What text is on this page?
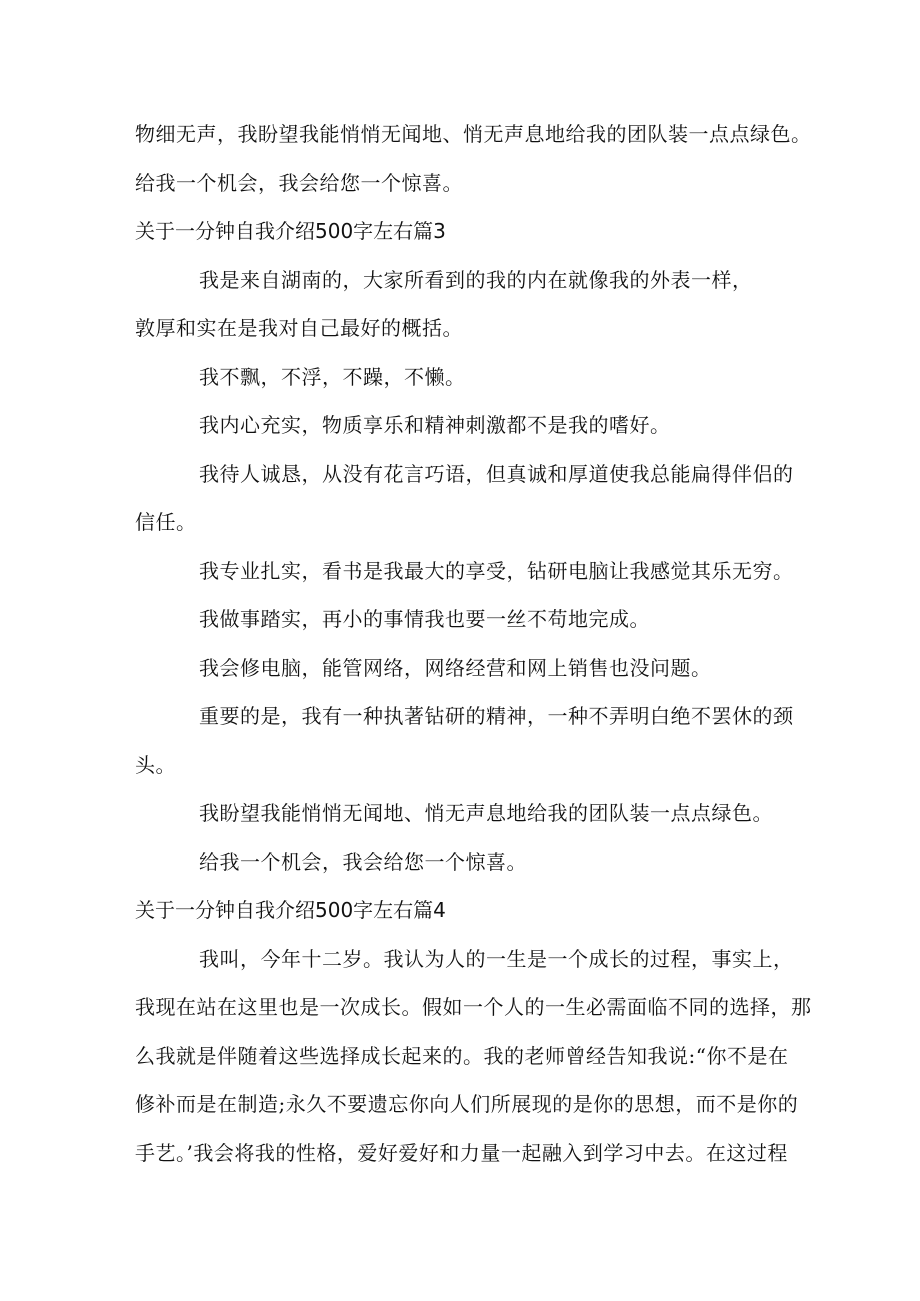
物细无声，我盼望我能悄悄无闻地、悄无声息地给我的团队装一点点绿色。
给我一个机会，我会给您一个惊喜。
关于一分钟自我介绍500字左右篇3
我是来自湖南的，大家所看到的我的内在就像我的外表一样，
敦厚和实在是我对自己最好的概括。
我不飘，不浮，不躁，不懒。
我内心充实，物质享乐和精神刺激都不是我的嗜好。
我待人诚恳，从没有花言巧语，但真诚和厚道使我总能扁得伴侣的
信任。
我专业扎实，看书是我最大的享受，钻研电脑让我感觉其乐无穷。
我做事踏实，再小的事情我也要一丝不苟地完成。
我会修电脑，能管网络，网络经营和网上销售也没问题。
重要的是，我有一种执著钻研的精神，一种不弄明白绝不罢休的颈
头。
我盼望我能悄悄无闻地、悄无声息地给我的团队装一点点绿色。
给我一个机会，我会给您一个惊喜。
关于一分钟自我介绍500字左右篇4
我叫，今年十二岁。我认为人的一生是一个成长的过程，事实上，
我现在站在这里也是一次成长。假如一个人的一生必需面临不同的选择，那
么我就是伴随着这些选择成长起来的。我的老师曾经告知我说:“你不是在
修补而是在制造;永久不要遗忘你向人们所展现的是你的思想，而不是你的
手艺。’我会将我的性格，爱好爱好和力量一起融入到学习中去。在这过程
